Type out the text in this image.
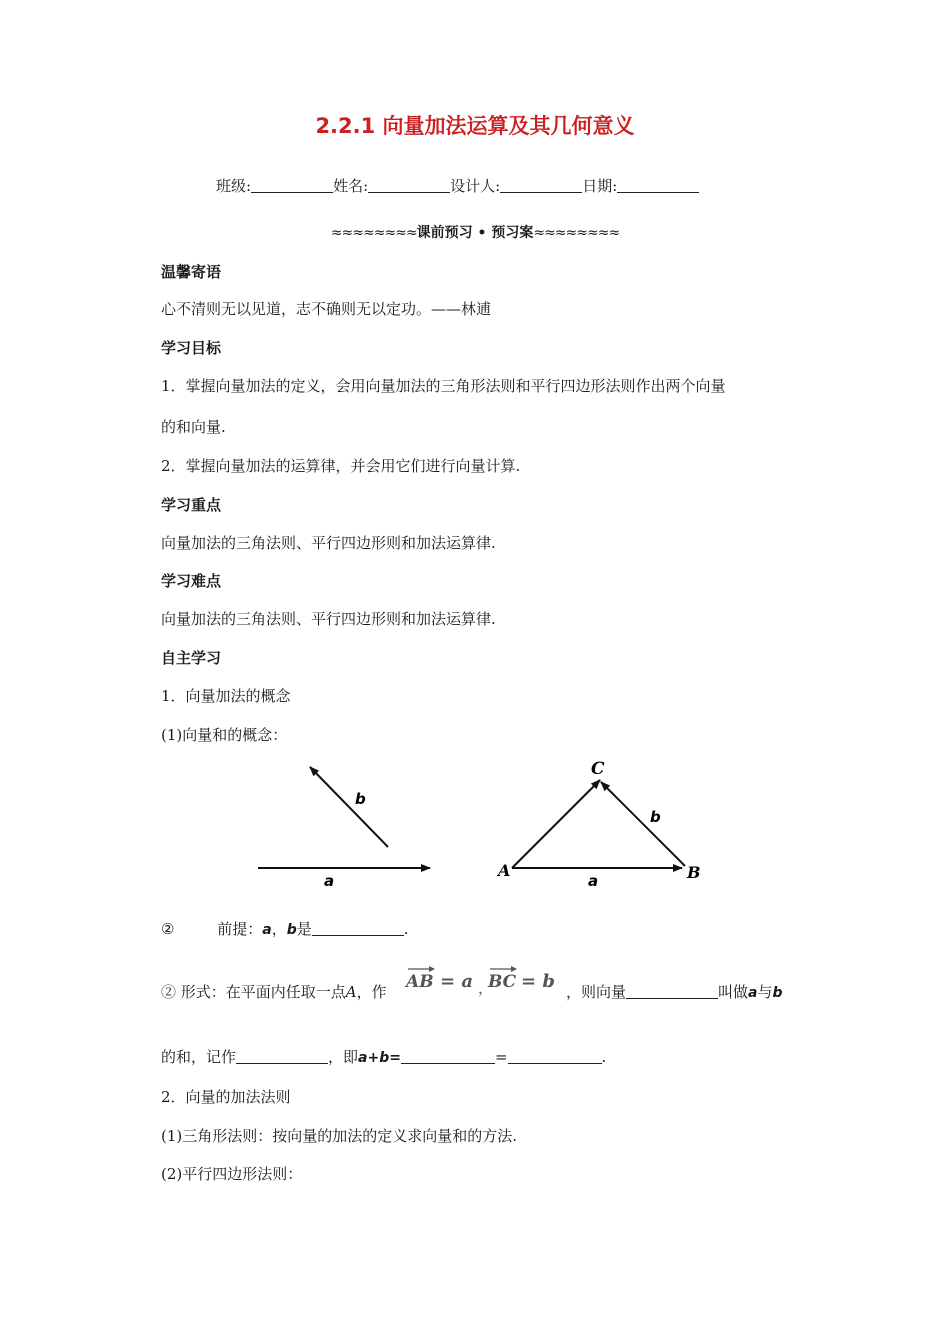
2.2.1 向量加法运算及其几何意义
班级:	姓名:	设计人:	日期:
≈≈≈≈≈≈≈≈课前预习 • 预习案≈≈≈≈≈≈≈≈
温馨寄语
心不清则无以见道，志不确则无以定功。——林逋
学习目标
1．掌握向量加法的定义，会用向量加法的三角形法则和平行四边形法则作出两个向量
的和向量.
2．掌握向量加法的运算律，并会用它们进行向量计算.
学习重点
向量加法的三角法则、平行四边形则和加法运算律.
学习难点
向量加法的三角法则、平行四边形则和加法运算律.
自主学习
1．向量加法的概念
(1)向量和的概念：
b
a
A	B
C
a
b
②	前提：a，b是	.
② 形式：在平面内任取一点A，作 AB = a ，
BC = b ，则向量	叫做a与b
的和，记作	，即a+b=	=	.
2．向量的加法法则
(1)三角形法则：按向量的加法的定义求向量和的方法.
(2)平行四边形法则：
